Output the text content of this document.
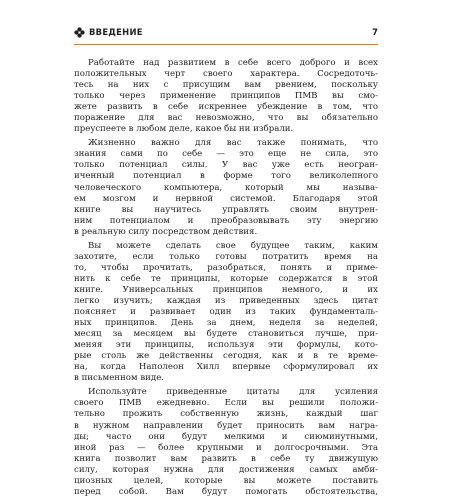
ВВЕДЕНИЕ	7
Работайте над развитием в себе всего доброго и всех
положительных черт своего характера. Сосредоточь-
тесь на них с присущим вам рвением, поскольку
только через применение принципов ПМВ вы смо-
жете развить в себе искреннее убеждение в том, что
поражение для вас невозможно, что вы обязательно
преуспеете в любом деле, какое бы ни избрали.
Жизненно важно для вас также понимать, что
знания сами по себе — это еще не сила, это
только потенциал силы. У вас уже есть неогран-
иченный потенциал в форме того великолепного
человеческого компьютера, который мы называ-
ем мозгом и нервной системой. Благодаря этой
книге вы научитесь управлять своим внутрен-
ним потенциалом и преобразовывать эту энергию
в реальную силу посредством действия.
Вы можете сделать свое будущее таким, каким
захотите, если только готовы потратить время на
то, чтобы прочитать, разобраться, понять и приме-
нить к себе те принципы, которые содержатся в этой
книге. Универсальных принципов немного, и их
легко изучить; каждая из приведенных здесь цитат
поясняет и развивает один из таких фундаменталь-
ных принципов. День за днем, неделя за неделей,
месяц за месяцем вы будете становиться лучше, при-
меняя эти принципы, используя эти формулы, кото-
рые столь же действенны сегодня, как и в те време-
на, когда Наполеон Хилл впервые сформулировал их
в письменном виде.
Используйте приведенные цитаты для усиления
своего ПМВ ежедневно. Если вы решили положи-
тельно прожить собственную жизнь, каждый шаг
в нужном направлении будет приносить вам награ-
ды; часто они будут мелкими и сиюминутными,
иной раз — более крупными и долгосрочными. Эта
книга позволит вам развить в себе ту движущую
силу, которая нужна для достижения самых амби-
циозных целей, которые вы можете поставить
перед собой. Вам будут помогать обстоятельства,
